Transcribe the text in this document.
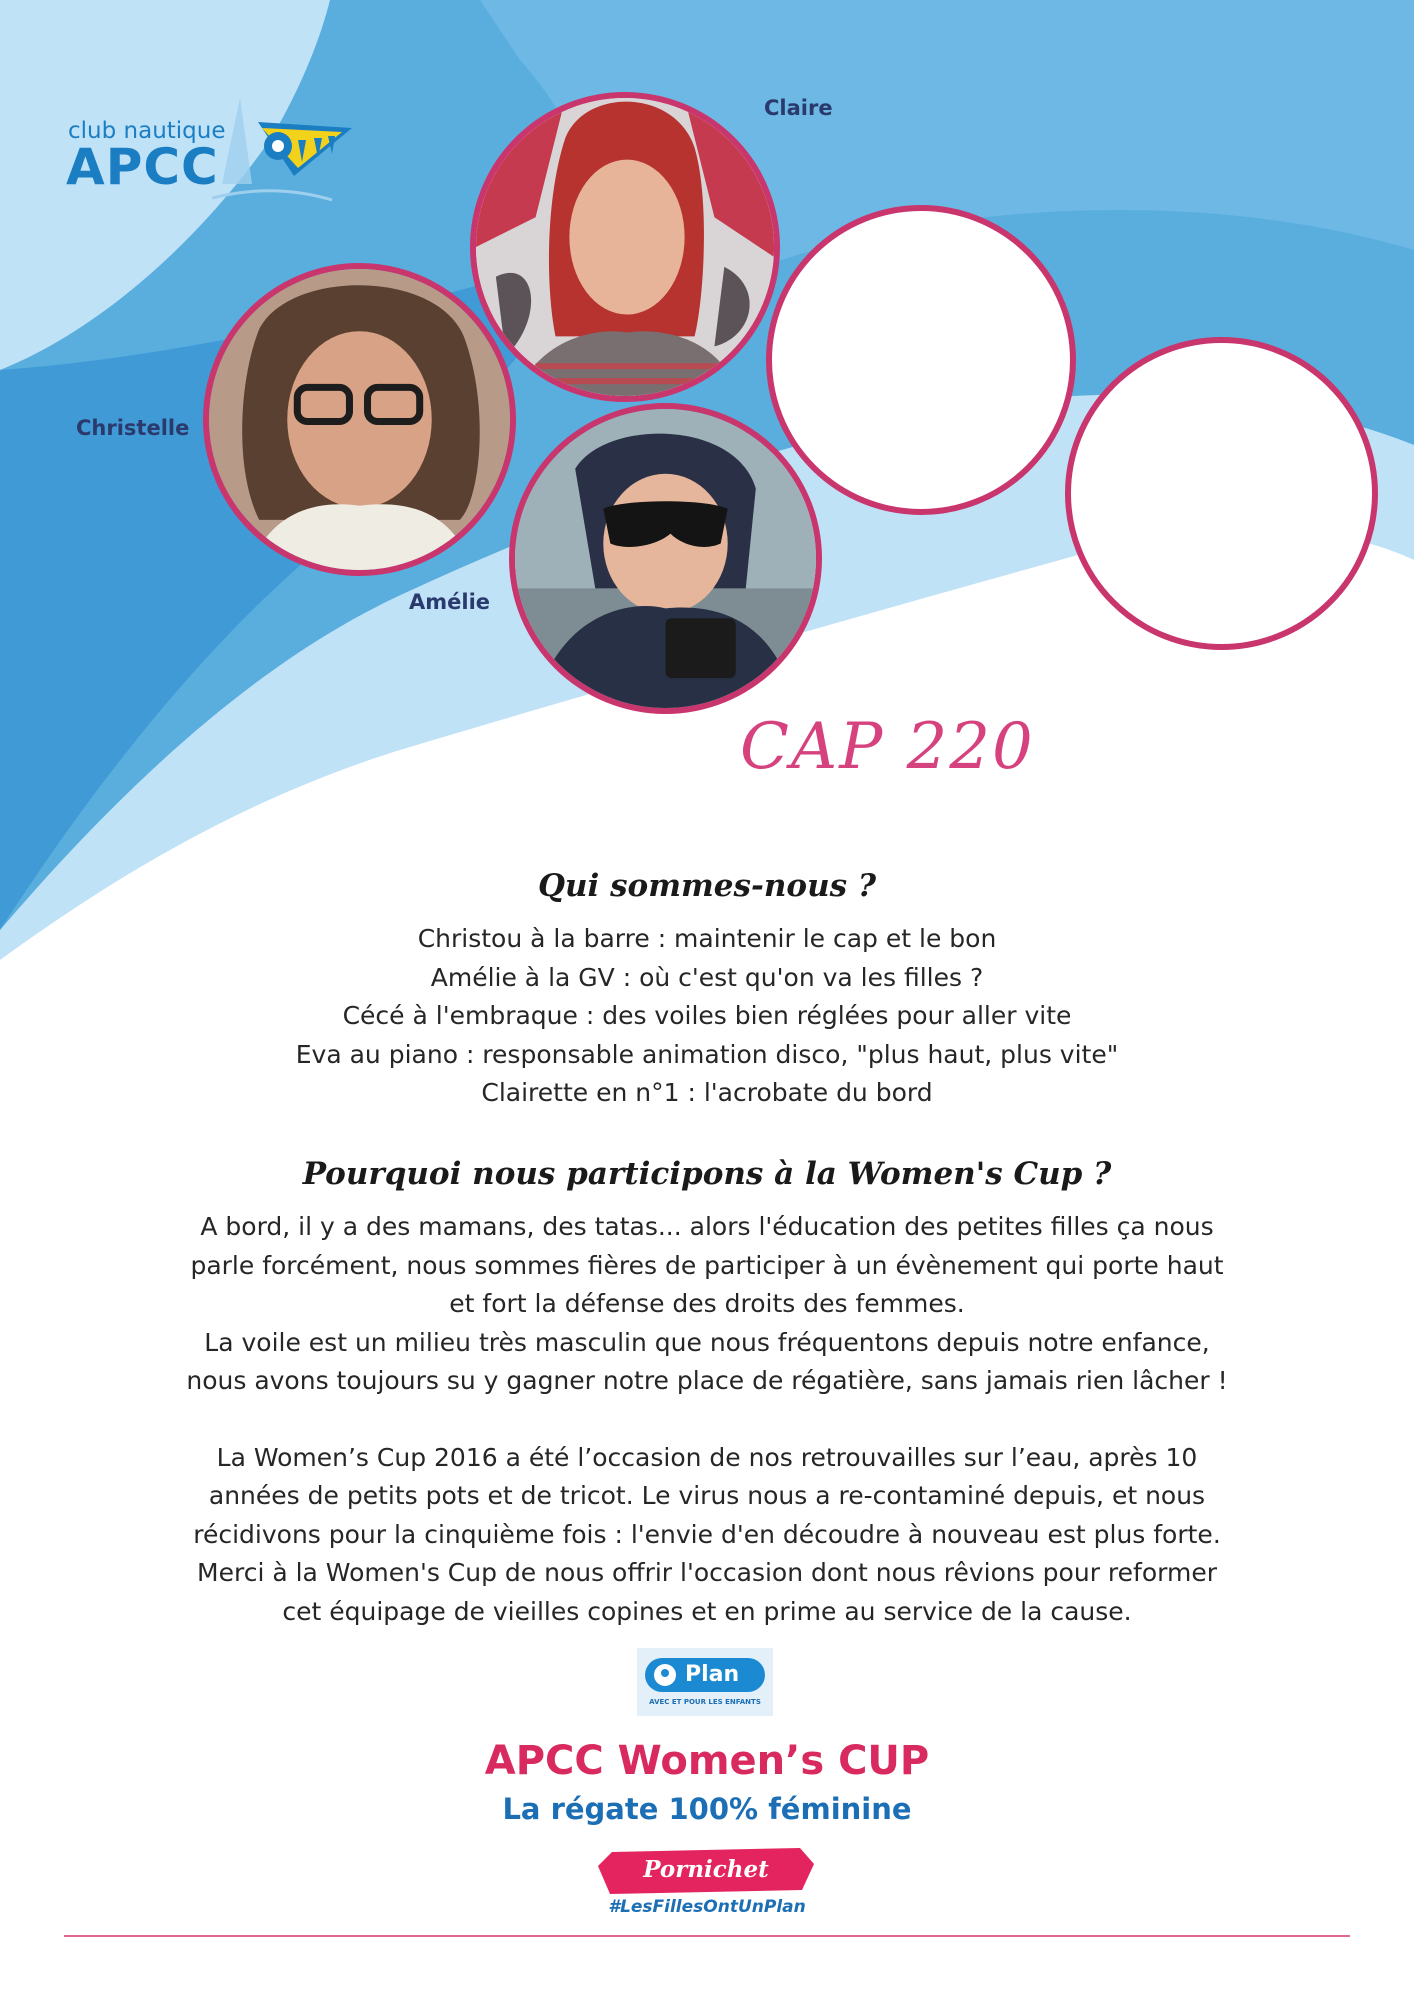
club nautique
APCC
Claire
Christelle
Amélie
CAP 220
Qui sommes-nous ?
Christou à la barre : maintenir le cap et le bon
Amélie à la GV : où c'est qu'on va les filles ?
Cécé à l'embraque : des voiles bien réglées pour aller vite
Eva au piano : responsable animation disco, "plus haut, plus vite"
Clairette en n°1 : l'acrobate du bord
Pourquoi nous participons à la Women's Cup ?
A bord, il y a des mamans, des tatas... alors l'éducation des petites filles ça nous
parle forcément, nous sommes fières de participer à un évènement qui porte haut
et fort la défense des droits des femmes.
La voile est un milieu très masculin que nous fréquentons depuis notre enfance,
nous avons toujours su y gagner notre place de régatière, sans jamais rien lâcher !
La Women’s Cup 2016 a été l’occasion de nos retrouvailles sur l’eau, après 10
années de petits pots et de tricot. Le virus nous a re-contaminé depuis, et nous
récidivons pour la cinquième fois : l'envie d'en découdre à nouveau est plus forte.
Merci à la Women's Cup de nous offrir l'occasion dont nous rêvions pour reformer
cet équipage de vieilles copines et en prime au service de la cause.
Plan
AVEC ET POUR LES ENFANTS
APCC Women’s CUP
La régate 100% féminine
Pornichet
#LesFillesOntUnPlan
